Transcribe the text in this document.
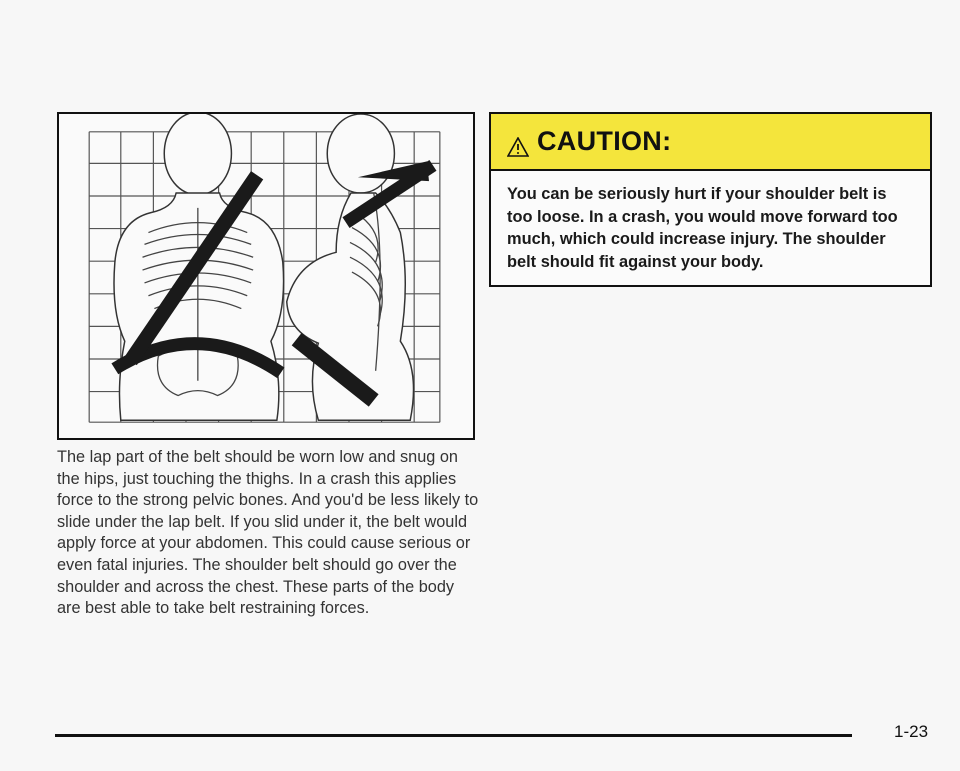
The lap part of the belt should be worn low and snug on the hips, just touching the thighs. In a crash this applies force to the strong pelvic bones. And you'd be less likely to slide under the lap belt. If you slid under it, the belt would apply force at your abdomen. This could cause serious or even fatal injuries. The shoulder belt should go over the shoulder and across the chest. These parts of the body are best able to take belt restraining forces.

CAUTION:
You can be seriously hurt if your shoulder belt is too loose. In a crash, you would move forward too much, which could increase injury. The shoulder belt should fit against your body.
1-23
